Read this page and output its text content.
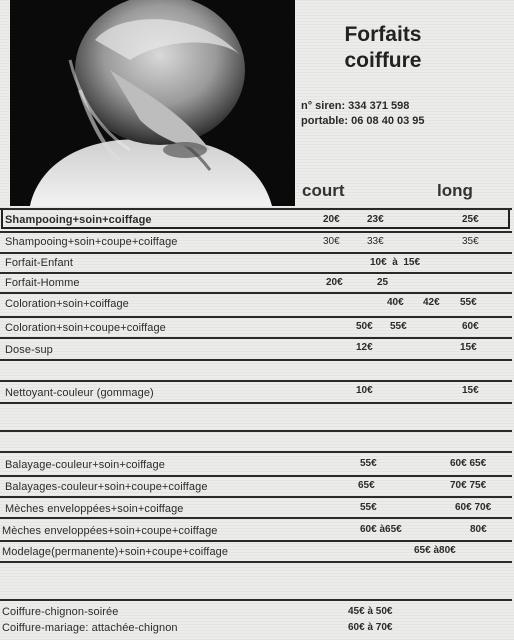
Forfaits
coiffure
n° siren: 334 371 598
portable: 06 08 40 03 95
court	long
Shampooing+soin+coiffage	20€	23€	25€
Shampooing+soin+coupe+coiffage	30€	33€	35€
Forfait-Enfant	10€  à  15€
Forfait-Homme	20€	25
Coloration+soin+coiffage	40€ 42€ 55€
Coloration+soin+coupe+coiffage	50€ 55€	60€
Dose-sup	12€	15€
Nettoyant-couleur (gommage)	10€	15€
Balayage-couleur+soin+coiffage	55€	60€ 65€
Balayages-couleur+soin+coupe+coiffage	65€	70€ 75€
Mèches enveloppées+soin+coiffage	55€	60€ 70€
Mèches enveloppées+soin+coupe+coiffage	60€ à65€	80€
Modelage(permanente)+soin+coupe+coiffage	65€ à80€
Coiffure-chignon-soirée	45€ à 50€
Coiffure-mariage: attachée-chignon	60€ à 70€
